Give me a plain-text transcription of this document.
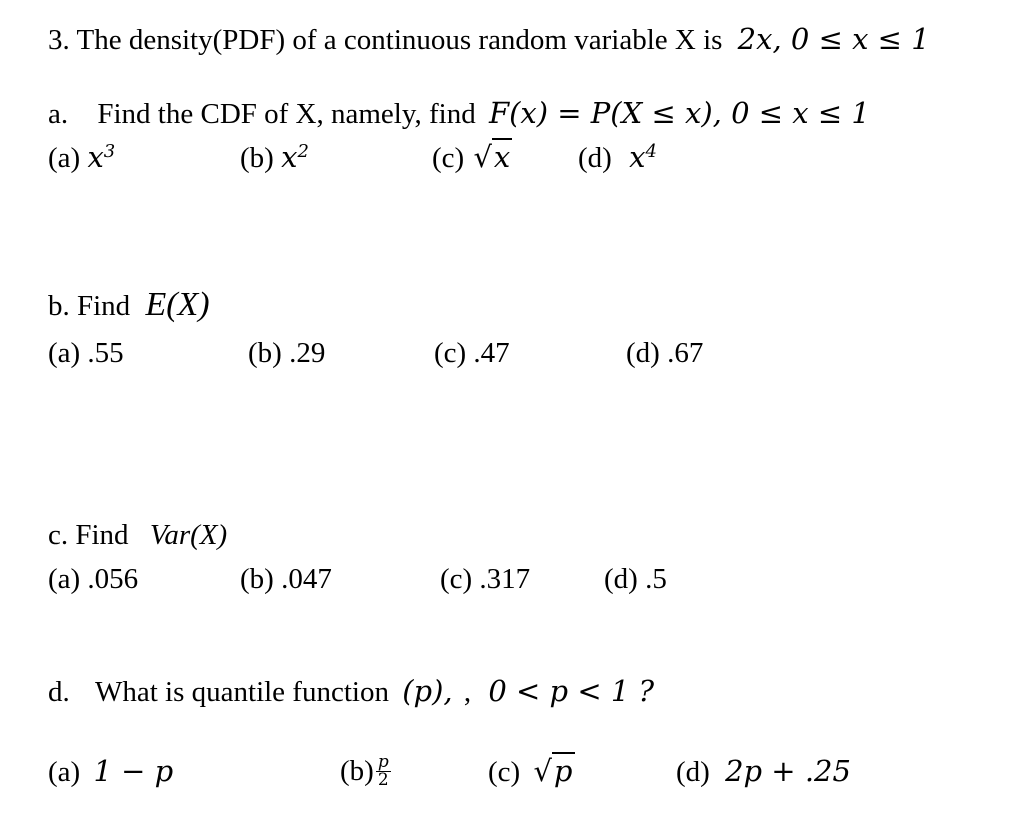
3. The density(PDF) of a continuous random variable X is 2x, 0 ≤ x ≤ 1
a. Find the CDF of X, namely, find F(x) = P(X ≤ x), 0 ≤ x ≤ 1
(a) $x^3$	(b) $x^2$	(c) √x (d) $x^4$
b. Find E(X)
(a) .55	(b) .29	(c) .47	(d) .67
c. Find Var(X)
(a) .056	(b) .047	(c) .317	(d) .5
d. What is quantile function (p), , 0 < p < 1 ?
(a) 1 − p	$(b) \frac{p}{2}$	(c) √p	(d) 2p + .25
